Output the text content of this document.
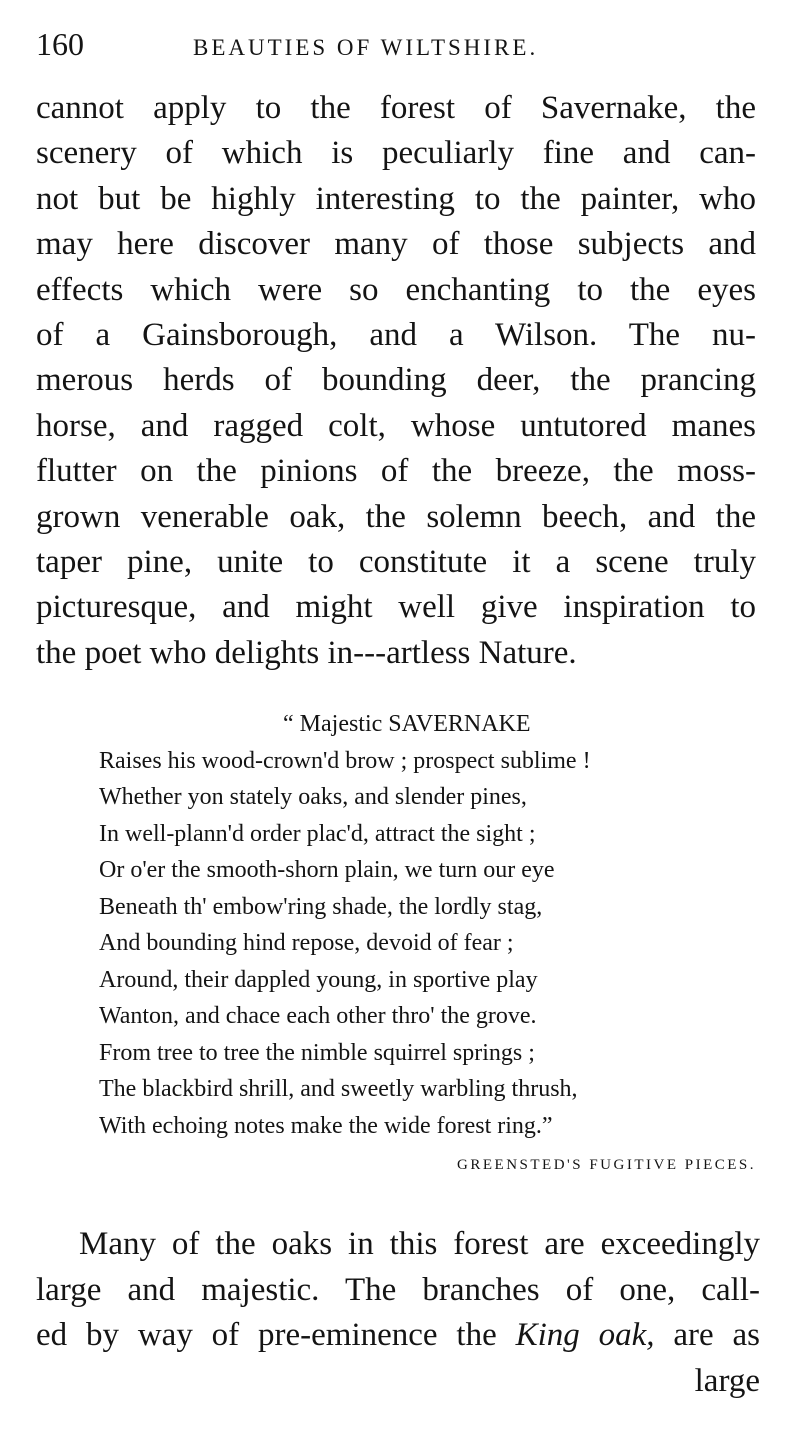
160	BEAUTIES OF WILTSHIRE.
cannot apply to the forest of Savernake, the
scenery of which is peculiarly fine and can-
not but be highly interesting to the painter, who
may here discover many of those subjects and
effects which were so enchanting to the eyes
of a Gainsborough, and a Wilson. The nu-
merous herds of bounding deer, the prancing
horse, and ragged colt, whose untutored manes
flutter on the pinions of the breeze, the moss-
grown venerable oak, the solemn beech, and the
taper pine, unite to constitute it a scene truly
picturesque, and might well give inspiration to
the poet who delights in---artless Nature.
“ Majestic SAVERNAKE
Raises his wood-crown'd brow ; prospect sublime !
Whether yon stately oaks, and slender pines,
In well-plann'd order plac'd, attract the sight ;
Or o'er the smooth-shorn plain, we turn our eye
Beneath th' embow'ring shade, the lordly stag,
And bounding hind repose, devoid of fear ;
Around, their dappled young, in sportive play
Wanton, and chace each other thro' the grove.
From tree to tree the nimble squirrel springs ;
The blackbird shrill, and sweetly warbling thrush,
With echoing notes make the wide forest ring.”
GREENSTED'S FUGITIVE PIECES.
Many of the oaks in this forest are exceedingly
large and majestic. The branches of one, call-
ed by way of pre-eminence the King oak, are as
large
